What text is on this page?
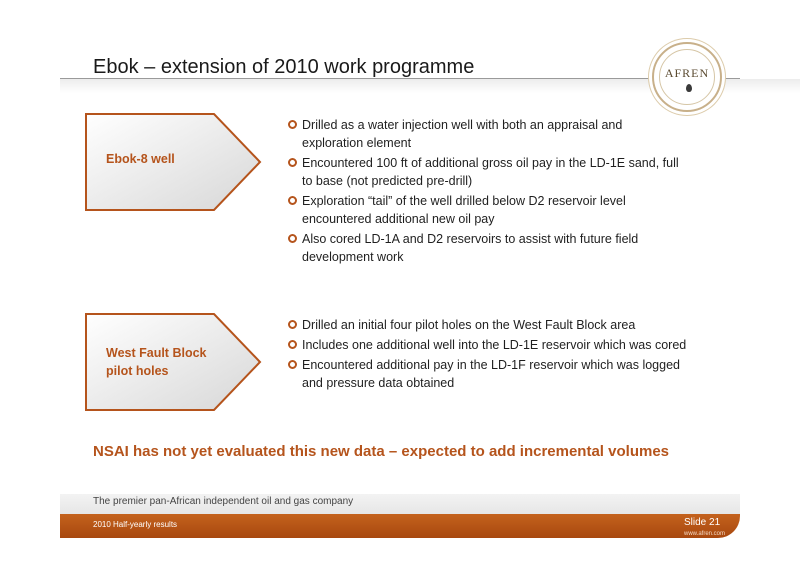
Ebok – extension of 2010 work programme	AFREN
Ebok-8 well
Drilled as a water injection well with both an appraisal and
exploration element
Encountered 100 ft of additional gross oil pay in the LD-1E sand, full
to base (not predicted pre-drill)
Exploration “tail” of the well drilled below D2 reservoir level
encountered additional new oil pay
Also cored LD-1A and D2 reservoirs to assist with future field
development work
West Fault Block
pilot holes
Drilled an initial four pilot holes on the West Fault Block area
Includes one additional well into the LD-1E reservoir which was cored
Encountered additional pay in the LD-1F reservoir which was logged
and pressure data obtained
NSAI has not yet evaluated this new data – expected to add incremental volumes
The premier pan-African independent oil and gas company
2010 Half-yearly results	Slide 21
www.afren.com
